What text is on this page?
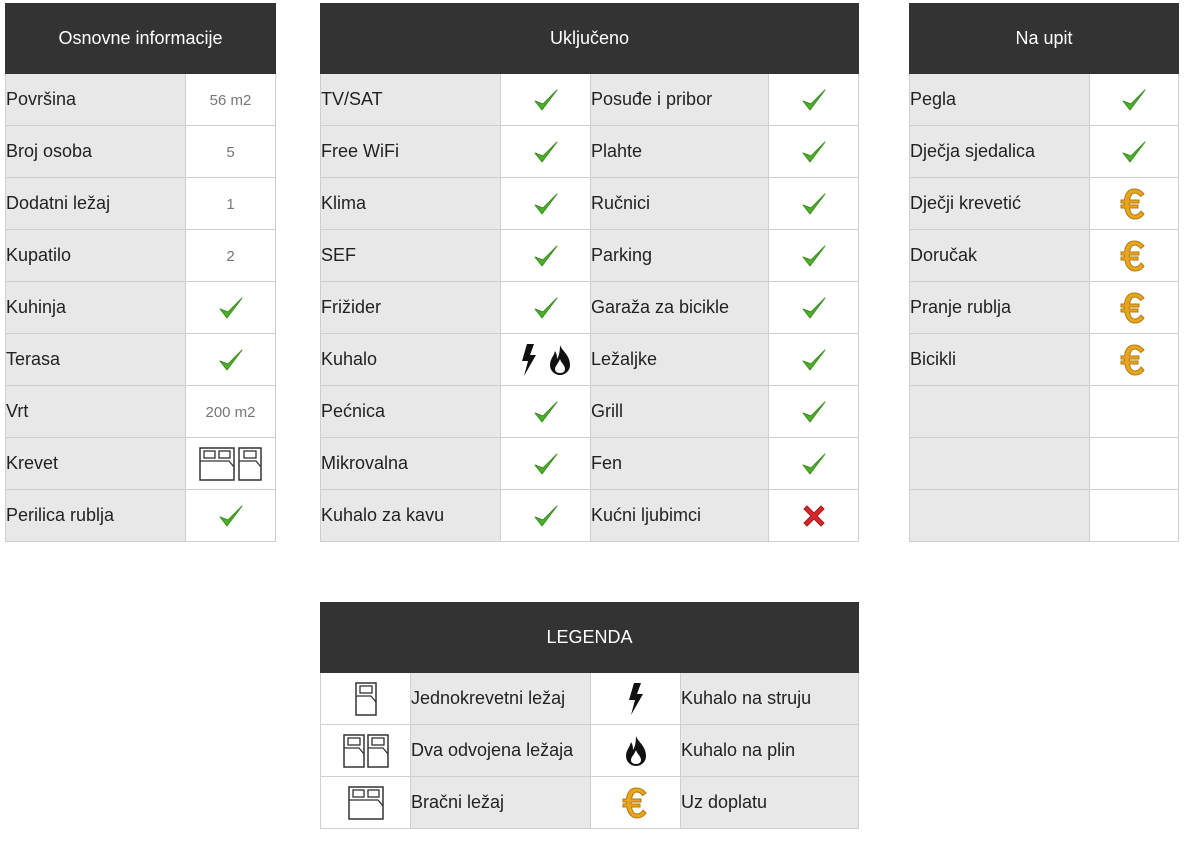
Osnovne informacije	
Površina	56 m2
Broj osoba	5
Dodatni ležaj	1
Kupatilo	2
Kuhinja	

Terasa	

Vrt	200 m2
Krevet	

Perilica rublja	
Uključeno			
TV/SAT		Posuđe i pribor	

Free WiFi		Plahte	

Klima		Ručnici	

SEF		Parking	

Frižider		Garaža za bicikle	

Kuhalo		Ležaljke	

Pećnica		Grill	

Mikrovalna		Fen	

Kuhalo za kavu		Kućni ljubimci	
Na upit	
Pegla	

Dječja sjedalica	

Dječji krevetić	

Doručak	

Pranje rublja	

Bicikli	

LEGENDA			

	Jednokrevetni ležaj		Kuhalo na struju

	Dva odvojena ležaja		Kuhalo na plin

	Bračni ležaj		Uz doplatu
